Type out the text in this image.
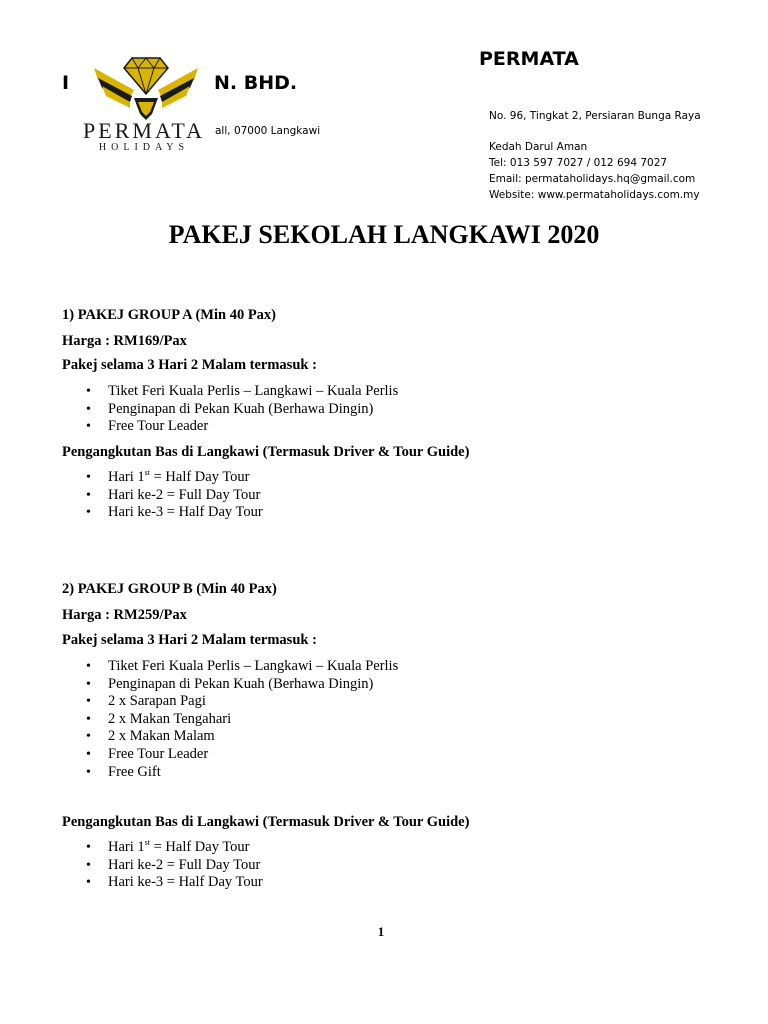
I	N. BHD.
all, 07000 Langkawi
PERMATA
HOLIDAYS
PERMATA
No. 96, Tingkat 2, Persiaran Bunga Raya
Kedah Darul Aman
Tel: 013 597 7027 / 012 694 7027
Email: permataholidays.hq@gmail.com
Website: www.permataholidays.com.my
PAKEJ SEKOLAH LANGKAWI 2020
1) PAKEJ GROUP A (Min 40 Pax)
Harga : RM169/Pax
Pakej selama 3 Hari 2 Malam termasuk :
• Tiket Feri Kuala Perlis – Langkawi – Kuala Perlis
• Penginapan di Pekan Kuah (Berhawa Dingin)
• Free Tour Leader
Pengangkutan Bas di Langkawi (Termasuk Driver & Tour Guide)
• Hari 1st = Half Day Tour
• Hari ke-2 = Full Day Tour
• Hari ke-3 = Half Day Tour
2) PAKEJ GROUP B (Min 40 Pax)
Harga : RM259/Pax
Pakej selama 3 Hari 2 Malam termasuk :
• Tiket Feri Kuala Perlis – Langkawi – Kuala Perlis
• Penginapan di Pekan Kuah (Berhawa Dingin)
• 2 x Sarapan Pagi
• 2 x Makan Tengahari
• 2 x Makan Malam
• Free Tour Leader
• Free Gift
Pengangkutan Bas di Langkawi (Termasuk Driver & Tour Guide)
• Hari 1st = Half Day Tour
• Hari ke-2 = Full Day Tour
• Hari ke-3 = Half Day Tour
1
